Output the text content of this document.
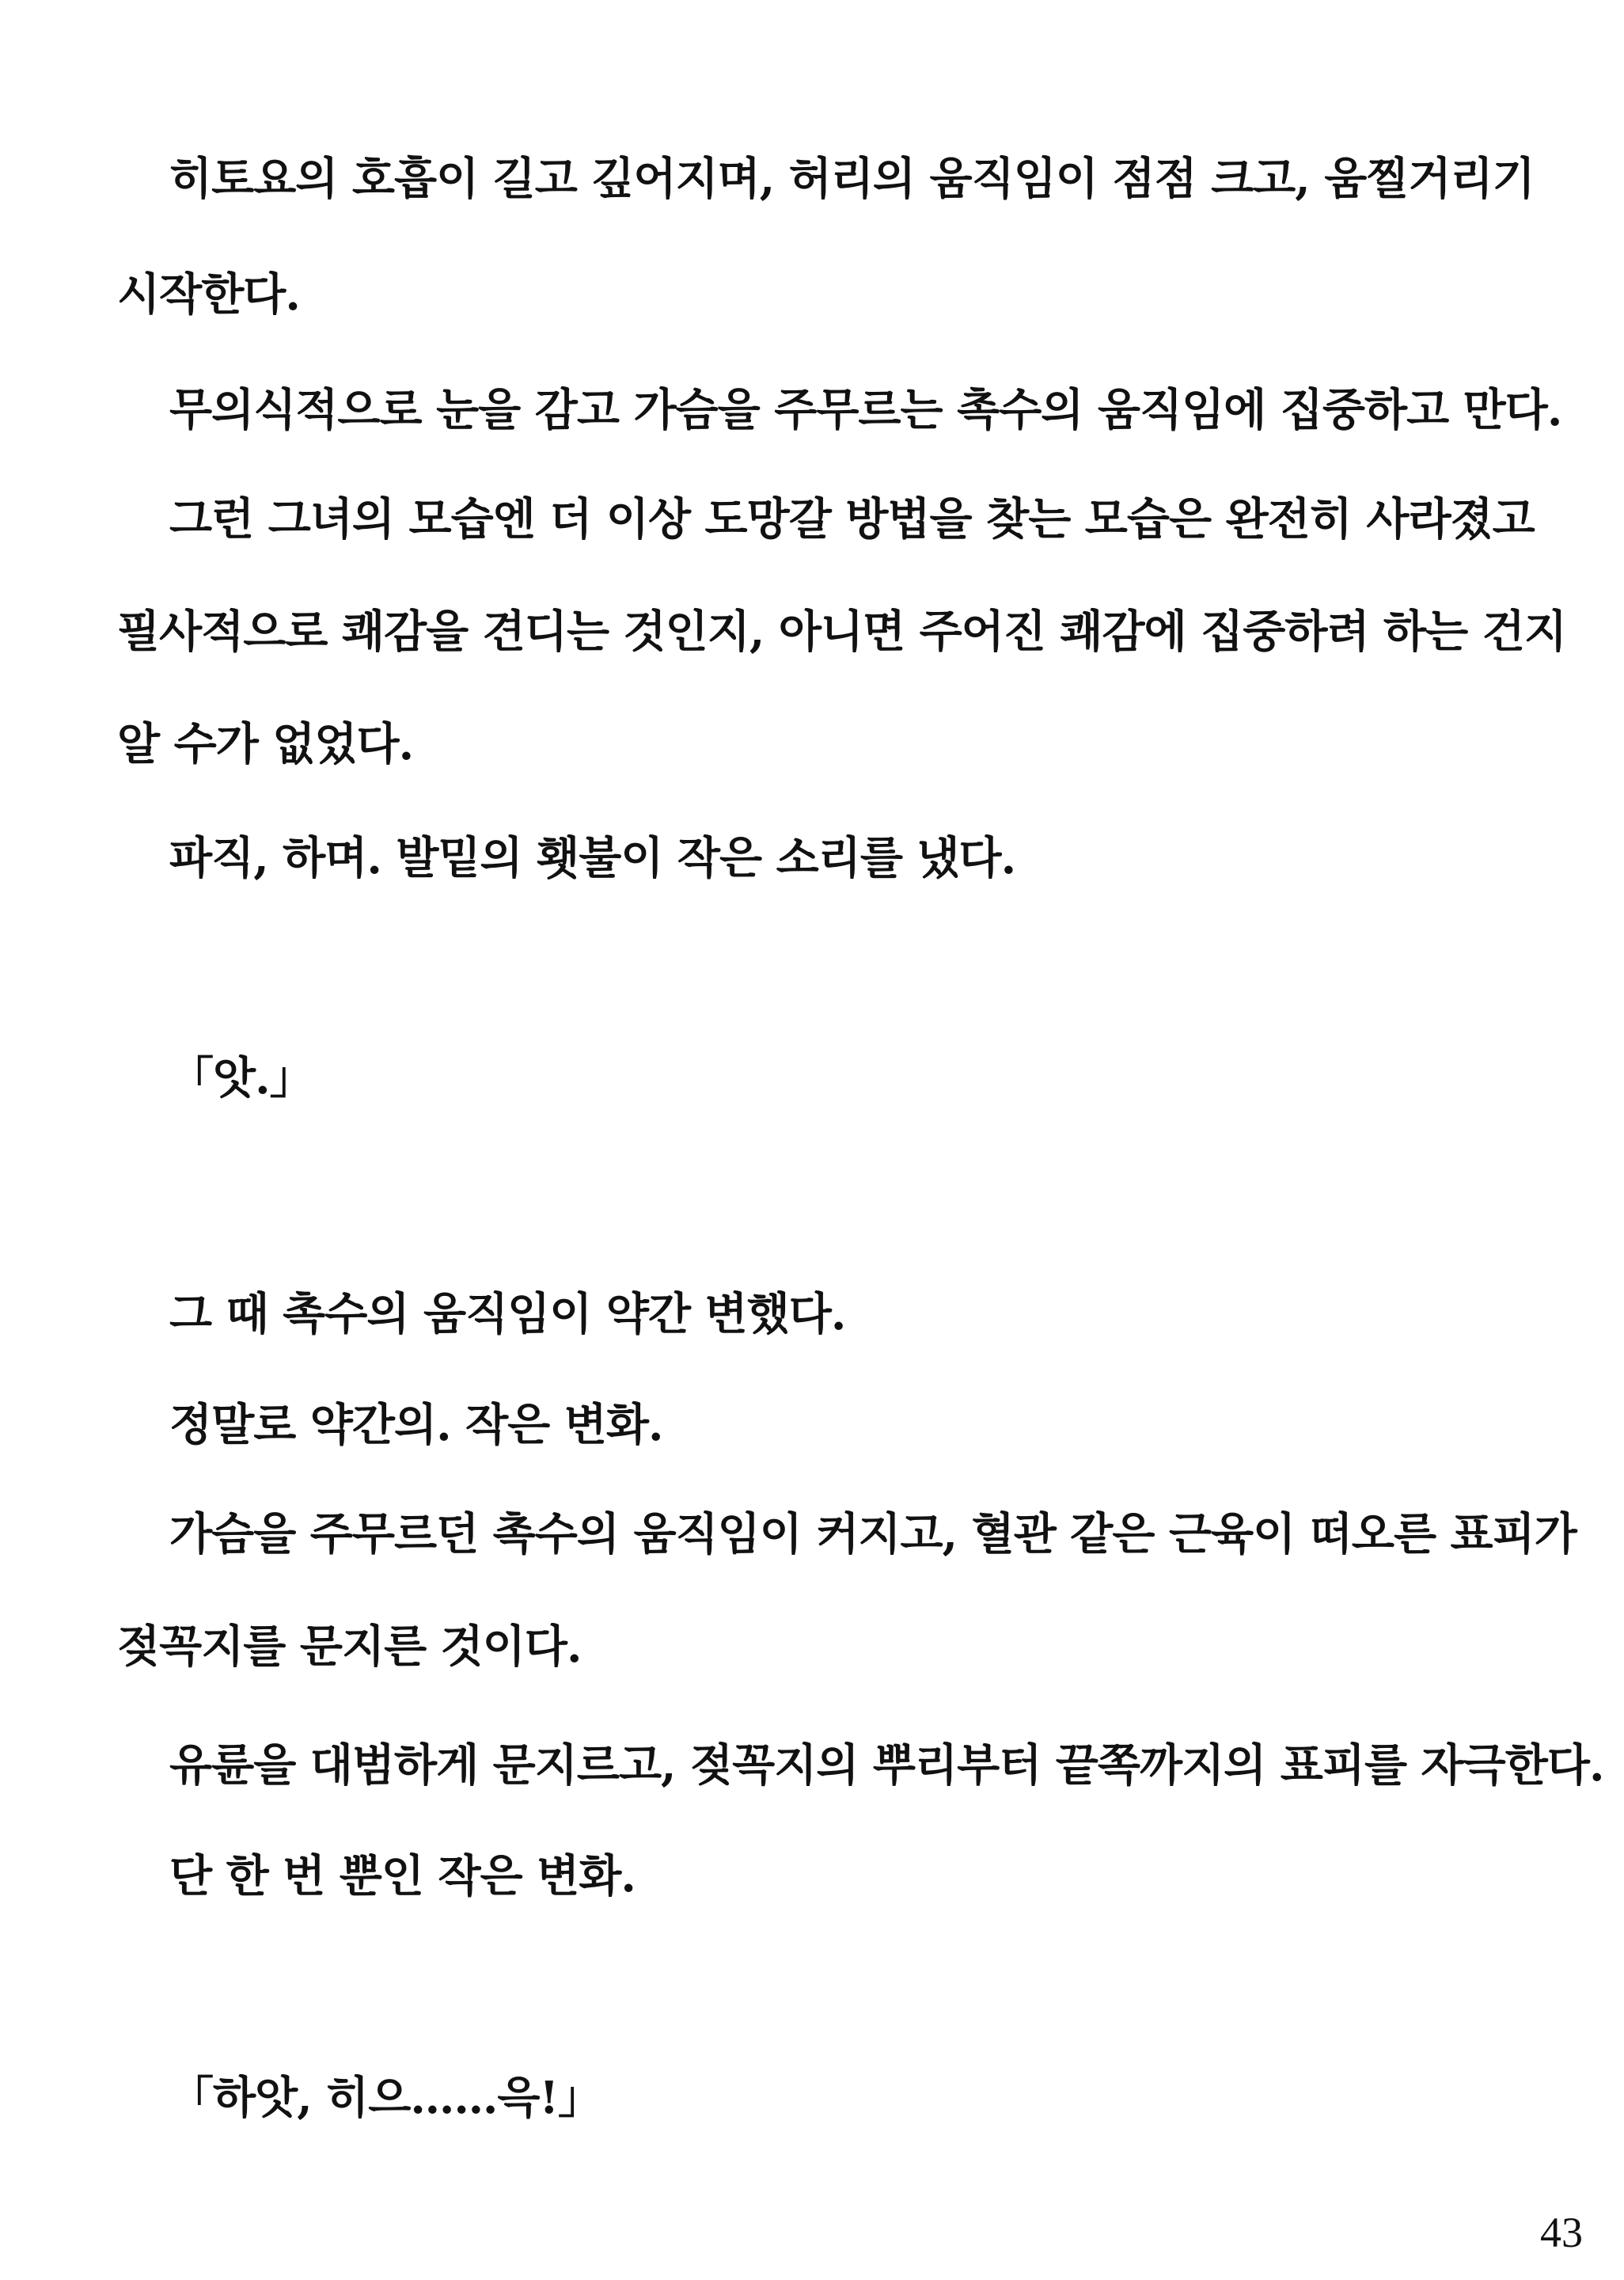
히토요의 호흡이 길고 깊어지며, 허리의 움직임이 점점 크고, 움찔거리기
시작한다.
무의식적으로 눈을 감고 가슴을 주무르는 촉수의 움직임에 집중하고 만다.
그런 그녀의 모습엔 더 이상 도망갈 방법을 찾는 모습은 완전히 사라졌고
필사적으로 쾌감을 견디는 것인지, 아니면 주어진 쾌감에 집중하려 하는 건지
알 수가 없었다.
파직, 하며. 발밑의 횃불이 작은 소리를 냈다.
「앗.」
그 때 촉수의 움직임이 약간 변했다.
정말로 약간의. 작은 변화.
가슴을 주무르던 촉수의 움직임이 커지고, 혈관 같은 근육이 떠오른 표피가
젖꼭지를 문지른 것이다.
유륜을 대범하게 문지르고, 젖꼭지의 뿌리부터 끝쪽까지의 표피를 자극한다.
단 한 번 뿐인 작은 변화.
「하앗, 히으……윽!」
43
